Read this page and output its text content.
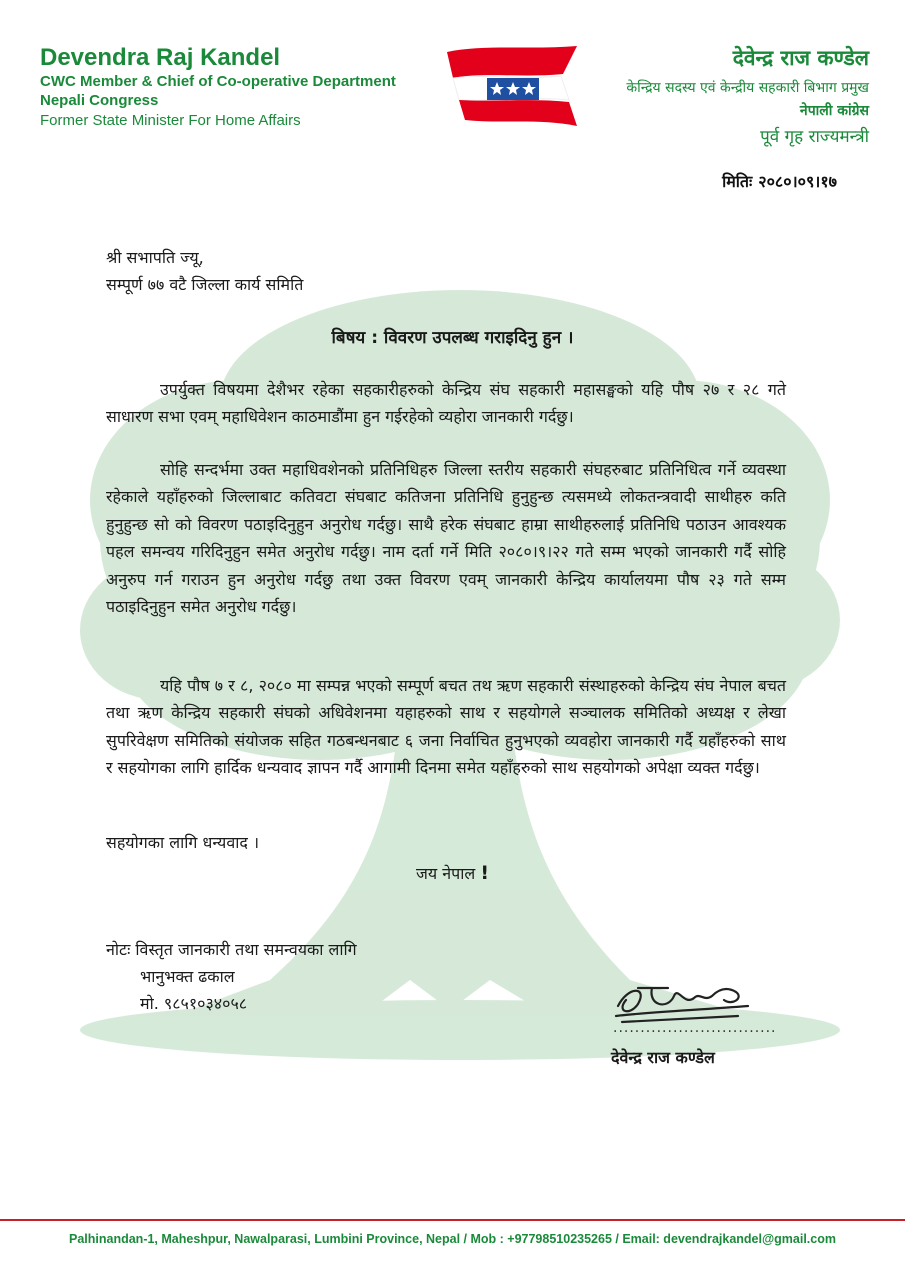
Devendra Raj Kandel
CWC Member & Chief of Co-operative Department
Nepali Congress
Former State Minister For Home Affairs
देवेन्द्र राज कण्डेल
केन्द्रिय सदस्य एवं केन्द्रीय सहकारी बिभाग प्रमुख
नेपाली कांग्रेस
पूर्व गृह राज्यमन्त्री
मितिः २०८०।०९।१७
श्री सभापति ज्यू,
सम्पूर्ण ७७ वटै जिल्ला कार्य समिति
बिषय : विवरण उपलब्ध गराइदिनु हुन ।
उपर्युक्त विषयमा देशैभर रहेका सहकारीहरुको केन्द्रिय संघ सहकारी महासङ्घको यहि पौष २७ र २८ गते साधारण सभा एवम् महाधिवेशन काठमाडौंमा हुन गईरहेको व्यहोरा जानकारी गर्दछु।
सोहि सन्दर्भमा उक्त महाधिवशेनको प्रतिनिधिहरु जिल्ला स्तरीय सहकारी संघहरुबाट प्रतिनिधित्व गर्ने व्यवस्था रहेकाले यहाँहरुको जिल्लाबाट कतिवटा संघबाट कतिजना प्रतिनिधि हुनुहुन्छ त्यसमध्ये लोकतन्त्रवादी साथीहरु कति हुनुहुन्छ सो को विवरण पठाइदिनुहुन अनुरोध गर्दछु। साथै हरेक संघबाट हाम्रा साथीहरुलाई प्रतिनिधि पठाउन आवश्यक पहल समन्वय गरिदिनुहुन समेत अनुरोध गर्दछु। नाम दर्ता गर्ने मिति २०८०।९।२२ गते सम्म भएको जानकारी गर्दै सोहि अनुरुप गर्न गराउन हुन अनुरोध गर्दछु तथा उक्त विवरण एवम् जानकारी केन्द्रिय कार्यालयमा पौष २३ गते सम्म पठाइदिनुहुन समेत अनुरोध गर्दछु।
यहि पौष ७ र ८, २०८० मा सम्पन्न भएको सम्पूर्ण बचत तथ ऋण सहकारी संस्थाहरुको केन्द्रिय संघ नेपाल बचत तथा ऋण केन्द्रिय सहकारी संघको अधिवेशनमा यहाहरुको साथ र सहयोगले सञ्चालक समितिको अध्यक्ष र लेखा सुपरिवेक्षण समितिको संयोजक सहित गठबन्धनबाट ६ जना निर्वाचित हुनुभएको व्यवहोरा जानकारी गर्दै यहाँहरुको साथ र सहयोगका लागि हार्दिक धन्यवाद ज्ञापन गर्दै आगामी दिनमा समेत यहाँहरुको साथ सहयोगको अपेक्षा व्यक्त गर्दछु।
सहयोगका लागि धन्यवाद ।
जय नेपाल !
नोटः विस्तृत जानकारी तथा समन्वयका लागि
भानुभक्त ढकाल
मो. ९८५१०३४०५८
..............................
देवेन्द्र राज कण्डेल
Palhinandan-1, Maheshpur, Nawalparasi, Lumbini Province, Nepal / Mob : +9779851023526​5 / Email: devendrajkandel@gmail.com
